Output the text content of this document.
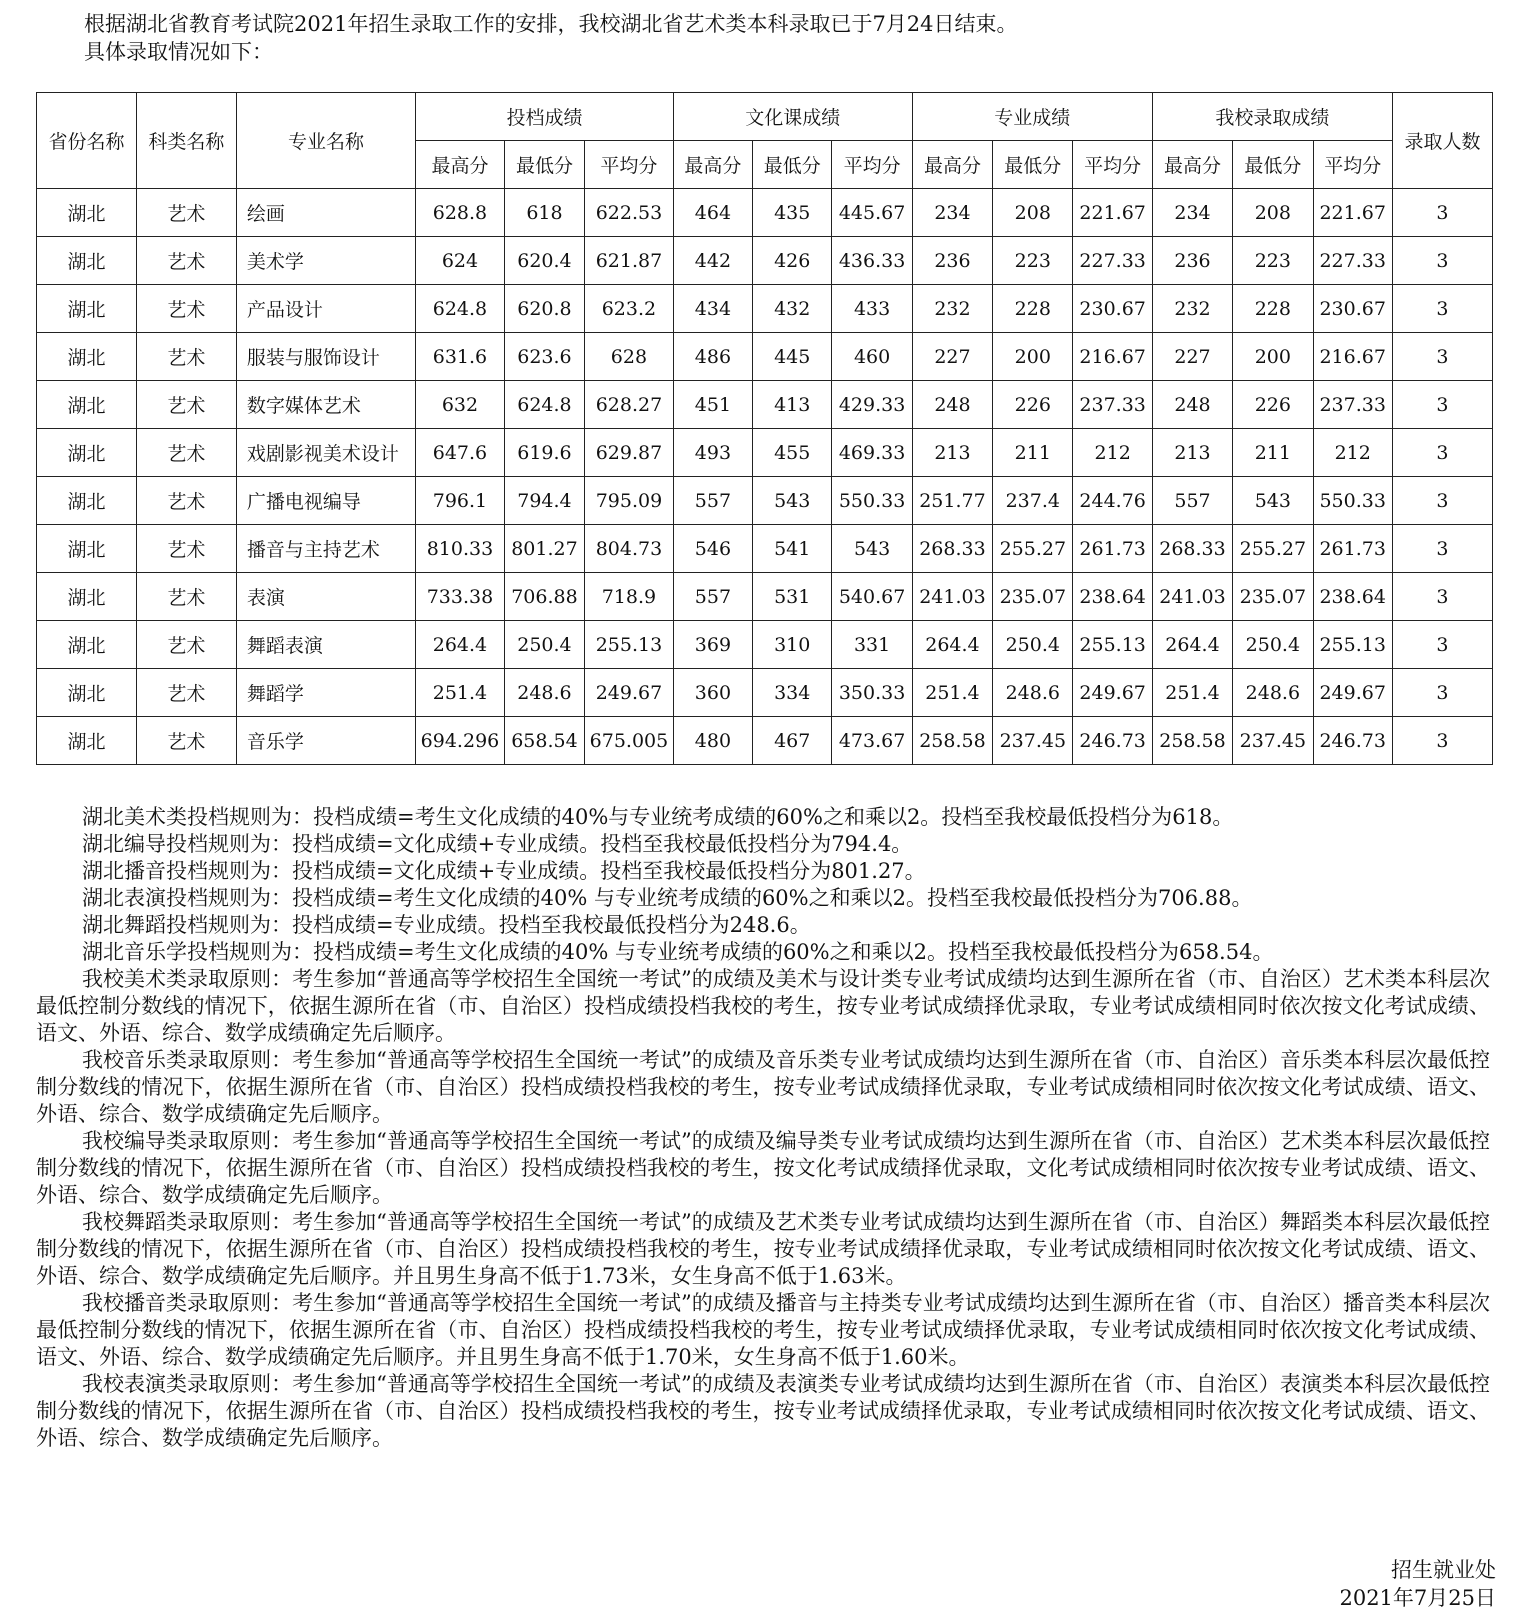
根据湖北省教育考试院2021年招生录取工作的安排，我校湖北省艺术类本科录取已于7月24日结束。

具体录取情况如下：

省份名称	科类名称	专业名称	投档成绩			文化课成绩			专业成绩			我校录取成绩			录取人数
			最高分	最低分	平均分	最高分	最低分	平均分	最高分	最低分	平均分	最高分	最低分	平均分	
湖北	艺术	绘画	628.8	618	622.53	464	435	445.67	234	208	221.67	234	208	221.67	3
湖北	艺术	美术学	624	620.4	621.87	442	426	436.33	236	223	227.33	236	223	227.33	3
湖北	艺术	产品设计	624.8	620.8	623.2	434	432	433	232	228	230.67	232	228	230.67	3
湖北	艺术	服装与服饰设计	631.6	623.6	628	486	445	460	227	200	216.67	227	200	216.67	3
湖北	艺术	数字媒体艺术	632	624.8	628.27	451	413	429.33	248	226	237.33	248	226	237.33	3
湖北	艺术	戏剧影视美术设计	647.6	619.6	629.87	493	455	469.33	213	211	212	213	211	212	3
湖北	艺术	广播电视编导	796.1	794.4	795.09	557	543	550.33	251.77	237.4	244.76	557	543	550.33	3
湖北	艺术	播音与主持艺术	810.33	801.27	804.73	546	541	543	268.33	255.27	261.73	268.33	255.27	261.73	3
湖北	艺术	表演	733.38	706.88	718.9	557	531	540.67	241.03	235.07	238.64	241.03	235.07	238.64	3
湖北	艺术	舞蹈表演	264.4	250.4	255.13	369	310	331	264.4	250.4	255.13	264.4	250.4	255.13	3
湖北	艺术	舞蹈学	251.4	248.6	249.67	360	334	350.33	251.4	248.6	249.67	251.4	248.6	249.67	3
湖北	艺术	音乐学	694.296	658.54	675.005	480	467	473.67	258.58	237.45	246.73	258.58	237.45	246.73	3

湖北美术类投档规则为：投档成绩=考生文化成绩的40%与专业统考成绩的60%之和乘以2。投档至我校最低投档分为618。

湖北编导投档规则为：投档成绩=文化成绩+专业成绩。投档至我校最低投档分为794.4。

湖北播音投档规则为：投档成绩=文化成绩+专业成绩。投档至我校最低投档分为801.27。

湖北表演投档规则为：投档成绩=考生文化成绩的40% 与专业统考成绩的60%之和乘以2。投档至我校最低投档分为706.88。

湖北舞蹈投档规则为：投档成绩=专业成绩。投档至我校最低投档分为248.6。

湖北音乐学投档规则为：投档成绩=考生文化成绩的40% 与专业统考成绩的60%之和乘以2。投档至我校最低投档分为658.54。

我校美术类录取原则：考生参加“普通高等学校招生全国统一考试”的成绩及美术与设计类专业考试成绩均达到生源所在省（市、自治区）艺术类本科层次最低控制分数线的情况下，依据生源所在省（市、自治区）投档成绩投档我校的考生，按专业考试成绩择优录取，专业考试成绩相同时依次按文化考试成绩、语文、外语、综合、数学成绩确定先后顺序。

我校音乐类录取原则：考生参加“普通高等学校招生全国统一考试”的成绩及音乐类专业考试成绩均达到生源所在省（市、自治区）音乐类本科层次最低控制分数线的情况下，依据生源所在省（市、自治区）投档成绩投档我校的考生，按专业考试成绩择优录取，专业考试成绩相同时依次按文化考试成绩、语文、外语、综合、数学成绩确定先后顺序。

我校编导类录取原则：考生参加“普通高等学校招生全国统一考试”的成绩及编导类专业考试成绩均达到生源所在省（市、自治区）艺术类本科层次最低控制分数线的情况下，依据生源所在省（市、自治区）投档成绩投档我校的考生，按文化考试成绩择优录取，文化考试成绩相同时依次按专业考试成绩、语文、外语、综合、数学成绩确定先后顺序。

我校舞蹈类录取原则：考生参加“普通高等学校招生全国统一考试”的成绩及艺术类专业考试成绩均达到生源所在省（市、自治区）舞蹈类本科层次最低控制分数线的情况下，依据生源所在省（市、自治区）投档成绩投档我校的考生，按专业考试成绩择优录取，专业考试成绩相同时依次按文化考试成绩、语文、外语、综合、数学成绩确定先后顺序。并且男生身高不低于1.73米，女生身高不低于1.63米。

我校播音类录取原则：考生参加“普通高等学校招生全国统一考试”的成绩及播音与主持类专业考试成绩均达到生源所在省（市、自治区）播音类本科层次最低控制分数线的情况下，依据生源所在省（市、自治区）投档成绩投档我校的考生，按专业考试成绩择优录取，专业考试成绩相同时依次按文化考试成绩、语文、外语、综合、数学成绩确定先后顺序。并且男生身高不低于1.70米，女生身高不低于1.60米。

我校表演类录取原则：考生参加“普通高等学校招生全国统一考试”的成绩及表演类专业考试成绩均达到生源所在省（市、自治区）表演类本科层次最低控制分数线的情况下，依据生源所在省（市、自治区）投档成绩投档我校的考生，按专业考试成绩择优录取，专业考试成绩相同时依次按文化考试成绩、语文、外语、综合、数学成绩确定先后顺序。

招生就业处
2021年7月25日
